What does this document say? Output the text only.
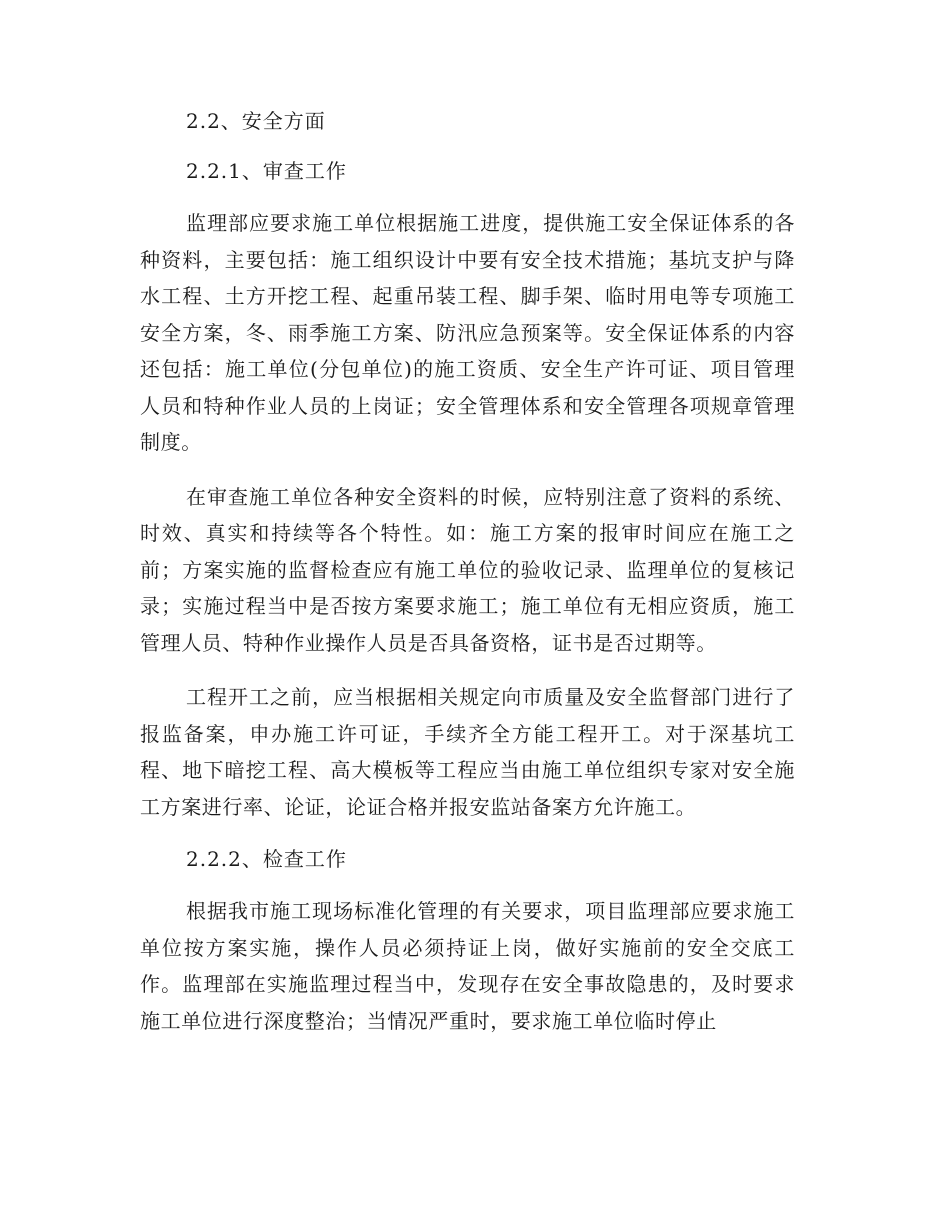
2.2、安全方面
2.2.1、审查工作

监理部应要求施工单位根据施工进度，提供施工安全保证体系的各种资料，主要包括：施工组织设计中要有安全技术措施；基坑支护与降水工程、土方开挖工程、起重吊装工程、脚手架、临时用电等专项施工安全方案，冬、雨季施工方案、防汛应急预案等。安全保证体系的内容还包括：施工单位(分包单位)的施工资质、安全生产许可证、项目管理人员和特种作业人员的上岗证；安全管理体系和安全管理各项规章管理制度。

在审查施工单位各种安全资料的时候，应特别注意了资料的系统、时效、真实和持续等各个特性。如：施工方案的报审时间应在施工之前；方案实施的监督检查应有施工单位的验收记录、监理单位的复核记录；实施过程当中是否按方案要求施工；施工单位有无相应资质，施工管理人员、特种作业操作人员是否具备资格，证书是否过期等。

工程开工之前，应当根据相关规定向市质量及安全监督部门进行了报监备案，申办施工许可证，手续齐全方能工程开工。对于深基坑工程、地下暗挖工程、高大模板等工程应当由施工单位组织专家对安全施工方案进行率、论证，论证合格并报安监站备案方允许施工。

2.2.2、检查工作

根据我市施工现场标准化管理的有关要求，项目监理部应要求施工单位按方案实施，操作人员必须持证上岗，做好实施前的安全交底工作。监理部在实施监理过程当中，发现存在安全事故隐患的，及时要求施工单位进行深度整治；当情况严重时，要求施工单位临时停止
